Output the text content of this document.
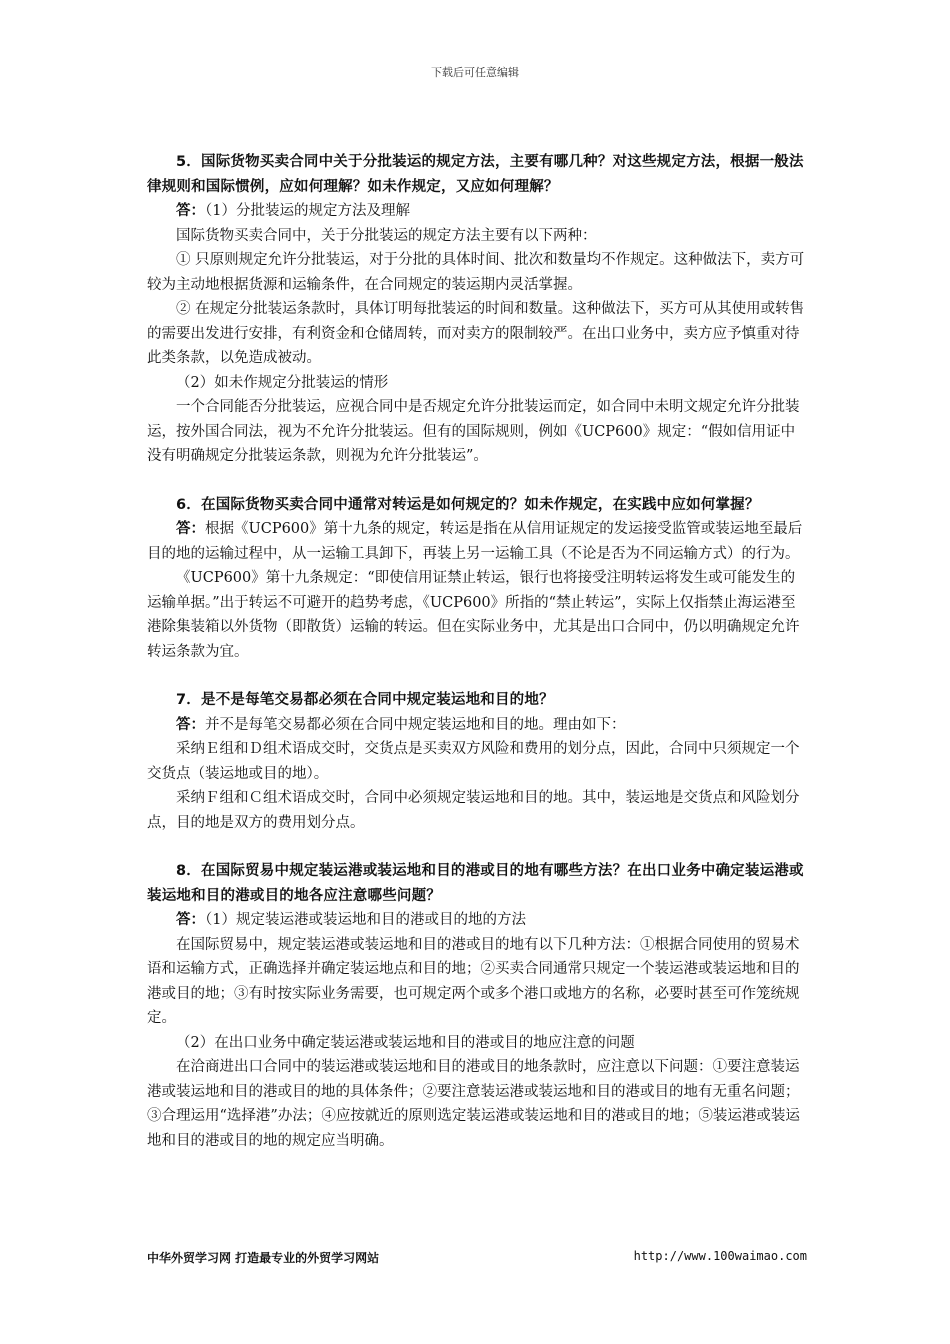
下载后可任意编辑

5．国际货物买卖合同中关于分批装运的规定方法，主要有哪几种？对这些规定方法，根据一般法律规则和国际惯例，应如何理解？如未作规定，又应如何理解？

答：（1）分批装运的规定方法及理解

国际货物买卖合同中，关于分批装运的规定方法主要有以下两种：

① 只原则规定允许分批装运，对于分批的具体时间、批次和数量均不作规定。这种做法下，卖方可较为主动地根据货源和运输条件，在合同规定的装运期内灵活掌握。

② 在规定分批装运条款时，具体订明每批装运的时间和数量。这种做法下，买方可从其使用或转售的需要出发进行安排，有利资金和仓储周转，而对卖方的限制较严。在出口业务中，卖方应予慎重对待此类条款，以免造成被动。

（2）如未作规定分批装运的情形

一个合同能否分批装运，应视合同中是否规定允许分批装运而定，如合同中未明文规定允许分批装运，按外国合同法，视为不允许分批装运。但有的国际规则，例如《UCP600》规定：“假如信用证中没有明确规定分批装运条款，则视为允许分批装运”。

6．在国际货物买卖合同中通常对转运是如何规定的？如未作规定，在实践中应如何掌握？

答：根据《UCP600》第十九条的规定，转运是指在从信用证规定的发运接受监管或装运地至最后目的地的运输过程中，从一运输工具卸下，再装上另一运输工具（不论是否为不同运输方式）的行为。

《UCP600》第十九条规定：“即使信用证禁止转运，银行也将接受注明转运将发生或可能发生的运输单据。”出于转运不可避开的趋势考虑，《UCP600》所指的“禁止转运”，实际上仅指禁止海运港至港除集装箱以外货物（即散货）运输的转运。但在实际业务中，尤其是出口合同中，仍以明确规定允许转运条款为宜。

7．是不是每笔交易都必须在合同中规定装运地和目的地？

答：并不是每笔交易都必须在合同中规定装运地和目的地。理由如下：

采纳Ｅ组和Ｄ组术语成交时，交货点是买卖双方风险和费用的划分点，因此，合同中只须规定一个交货点（装运地或目的地）。

采纳Ｆ组和Ｃ组术语成交时，合同中必须规定装运地和目的地。其中，装运地是交货点和风险划分点，目的地是双方的费用划分点。

8．在国际贸易中规定装运港或装运地和目的港或目的地有哪些方法？在出口业务中确定装运港或装运地和目的港或目的地各应注意哪些问题？

答：（1）规定装运港或装运地和目的港或目的地的方法

在国际贸易中，规定装运港或装运地和目的港或目的地有以下几种方法：①根据合同使用的贸易术语和运输方式，正确选择并确定装运地点和目的地；②买卖合同通常只规定一个装运港或装运地和目的港或目的地；③有时按实际业务需要，也可规定两个或多个港口或地方的名称，必要时甚至可作笼统规定。

（2）在出口业务中确定装运港或装运地和目的港或目的地应注意的问题

在洽商进出口合同中的装运港或装运地和目的港或目的地条款时，应注意以下问题：①要注意装运港或装运地和目的港或目的地的具体条件；②要注意装运港或装运地和目的港或目的地有无重名问题；③合理运用“选择港”办法；④应按就近的原则选定装运港或装运地和目的港或目的地；⑤装运港或装运地和目的港或目的地的规定应当明确。

中华外贸学习网 打造最专业的外贸学习网站	http://www.100waimao.com
